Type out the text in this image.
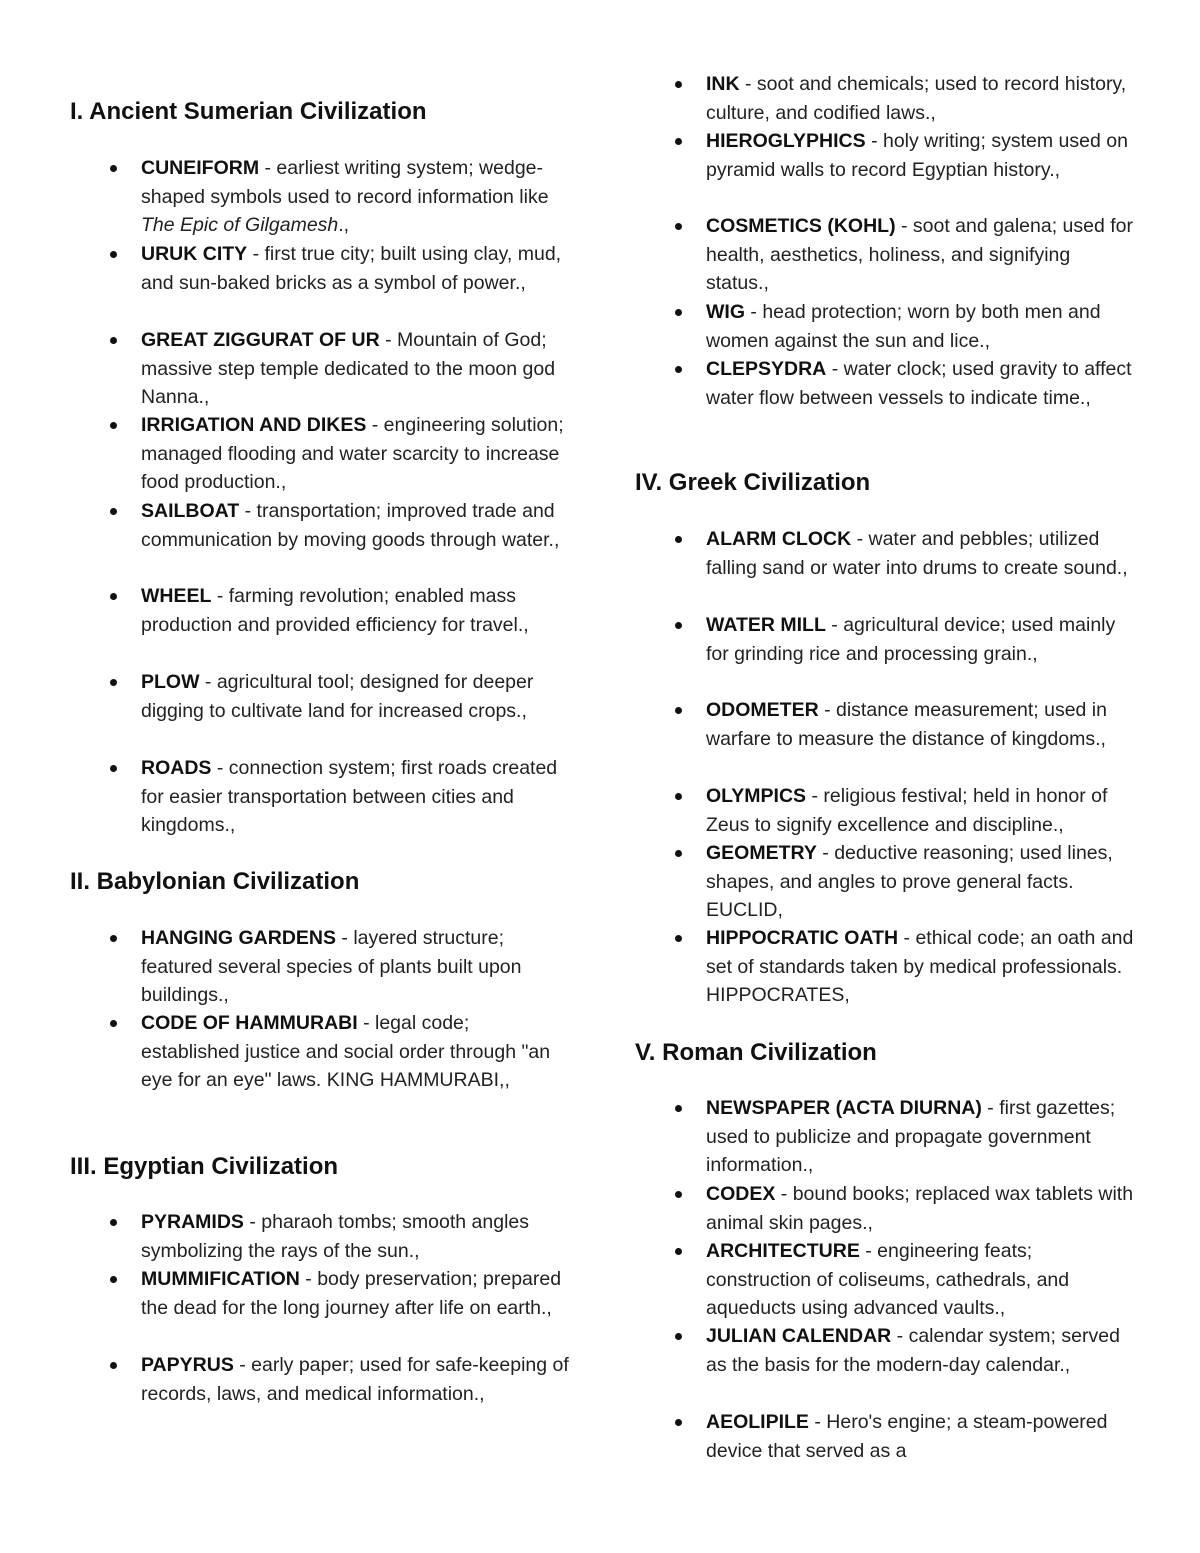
I. Ancient Sumerian Civilization
CUNEIFORM - earliest writing system; wedge-shaped symbols used to record information like The Epic of Gilgamesh.,
URUK CITY - first true city; built using clay, mud, and sun-baked bricks as a symbol of power.,
GREAT ZIGGURAT OF UR - Mountain of God; massive step temple dedicated to the moon god Nanna.,
IRRIGATION AND DIKES - engineering solution; managed flooding and water scarcity to increase food production.,
SAILBOAT - transportation; improved trade and communication by moving goods through water.,
WHEEL - farming revolution; enabled mass production and provided efficiency for travel.,
PLOW - agricultural tool; designed for deeper digging to cultivate land for increased crops.,
ROADS - connection system; first roads created for easier transportation between cities and kingdoms.,
II. Babylonian Civilization
HANGING GARDENS - layered structure; featured several species of plants built upon buildings.,
CODE OF HAMMURABI - legal code; established justice and social order through "an eye for an eye" laws. KING HAMMURABI,,
III. Egyptian Civilization
PYRAMIDS - pharaoh tombs; smooth angles symbolizing the rays of the sun.,
MUMMIFICATION - body preservation; prepared the dead for the long journey after life on earth.,
PAPYRUS - early paper; used for safe-keeping of records, laws, and medical information.,
INK - soot and chemicals; used to record history, culture, and codified laws.,
HIEROGLYPHICS - holy writing; system used on pyramid walls to record Egyptian history.,
COSMETICS (KOHL) - soot and galena; used for health, aesthetics, holiness, and signifying status.,
WIG - head protection; worn by both men and women against the sun and lice.,
CLEPSYDRA - water clock; used gravity to affect water flow between vessels to indicate time.,
IV. Greek Civilization
ALARM CLOCK - water and pebbles; utilized falling sand or water into drums to create sound.,
WATER MILL - agricultural device; used mainly for grinding rice and processing grain.,
ODOMETER - distance measurement; used in warfare to measure the distance of kingdoms.,
OLYMPICS - religious festival; held in honor of Zeus to signify excellence and discipline.,
GEOMETRY - deductive reasoning; used lines, shapes, and angles to prove general facts. EUCLID,
HIPPOCRATIC OATH - ethical code; an oath and set of standards taken by medical professionals. HIPPOCRATES,
V. Roman Civilization
NEWSPAPER (ACTA DIURNA) - first gazettes; used to publicize and propagate government information.,
CODEX - bound books; replaced wax tablets with animal skin pages.,
ARCHITECTURE - engineering feats; construction of coliseums, cathedrals, and aqueducts using advanced vaults.,
JULIAN CALENDAR - calendar system; served as the basis for the modern-day calendar.,
AEOLIPILE - Hero's engine; a steam-powered device that served as a
